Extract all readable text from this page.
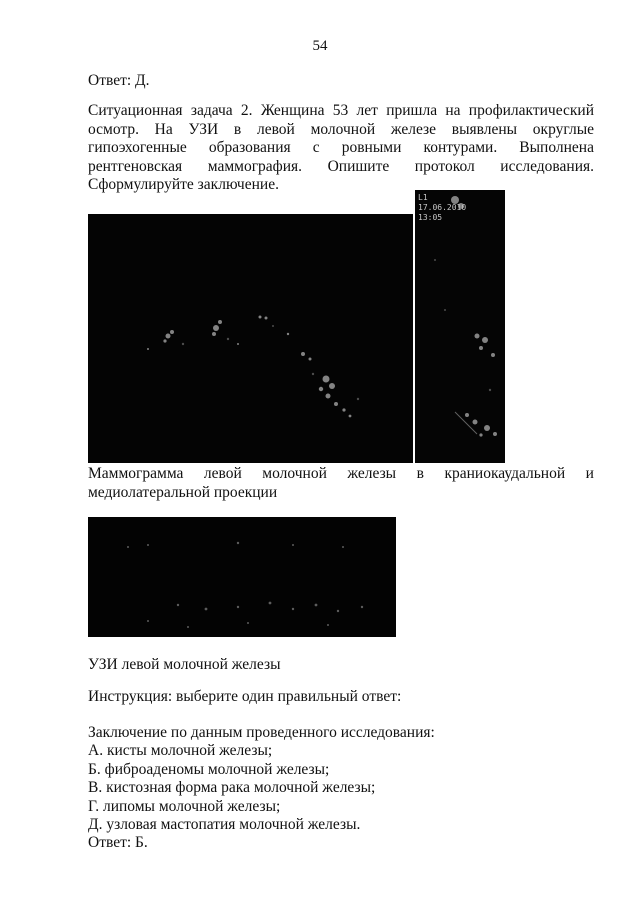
54
Ответ: Д.
Ситуационная задача 2. Женщина 53 лет пришла на профилактический осмотр. На УЗИ в левой молочной железе выявлены округлые гипоэхогенные образования с ровными контурами. Выполнена рентгеновская маммография. Опишите протокол исследования. Сформулируйте заключение.
L1
17.06.2010
13:05
Маммограмма левой молочной железы в краниокаудальной и
медиолатеральной проекции
УЗИ левой молочной железы
Инструкция: выберите один правильный ответ:
Заключение по данным проведенного исследования:
А. кисты молочной железы;
Б. фиброаденомы молочной железы;
В. кистозная форма рака молочной железы;
Г. липомы молочной железы;
Д. узловая мастопатия молочной железы.
Ответ: Б.
